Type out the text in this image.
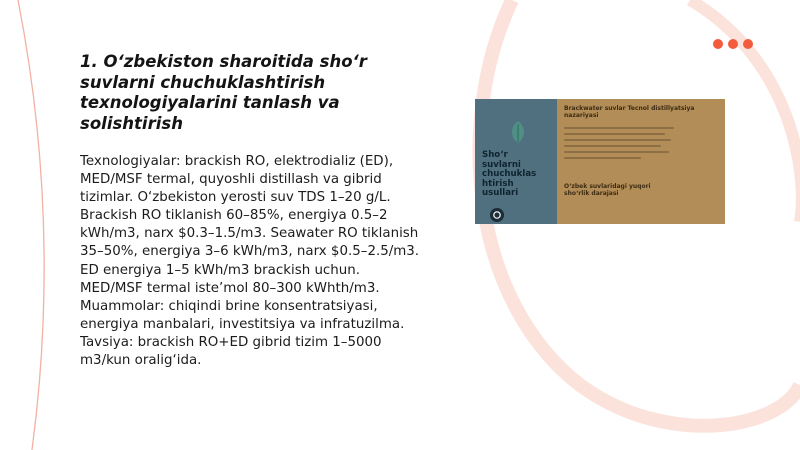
1. O‘zbekiston sharoitida sho‘r suvlarni chuchuklashtirish texnologiyalarini tanlash va solishtirish

Texnologiyalar: brackish RO, elektrodializ (ED), MED/MSF termal, quyoshli distillash va gibrid tizimlar. O‘zbekiston yerosti suv TDS 1–20 g/L. Brackish RO tiklanish 60–85%, energiya 0.5–2 kWh/m3, narx $0.3–1.5/m3. Seawater RO tiklanish 35–50%, energiya 3–6 kWh/m3, narx $0.5–2.5/m3. ED energiya 1–5 kWh/m3 brackish uchun. MED/MSF termal iste’mol 80–300 kWhth/m3. Muammolar: chiqindi brine konsentratsiyasi, energiya manbalari, investitsiya va infratuzilma. Tavsiya: brackish RO+ED gibrid tizim 1–5000 m3/kun oralig‘ida.

Sho‘r
suvlarni
chuchuklas
htirish
usullari

Brackwater suvlar Tecnol distillyatsiya nazariyasi

O‘zbek suvlaridagi yuqori sho‘rlik darajasi
